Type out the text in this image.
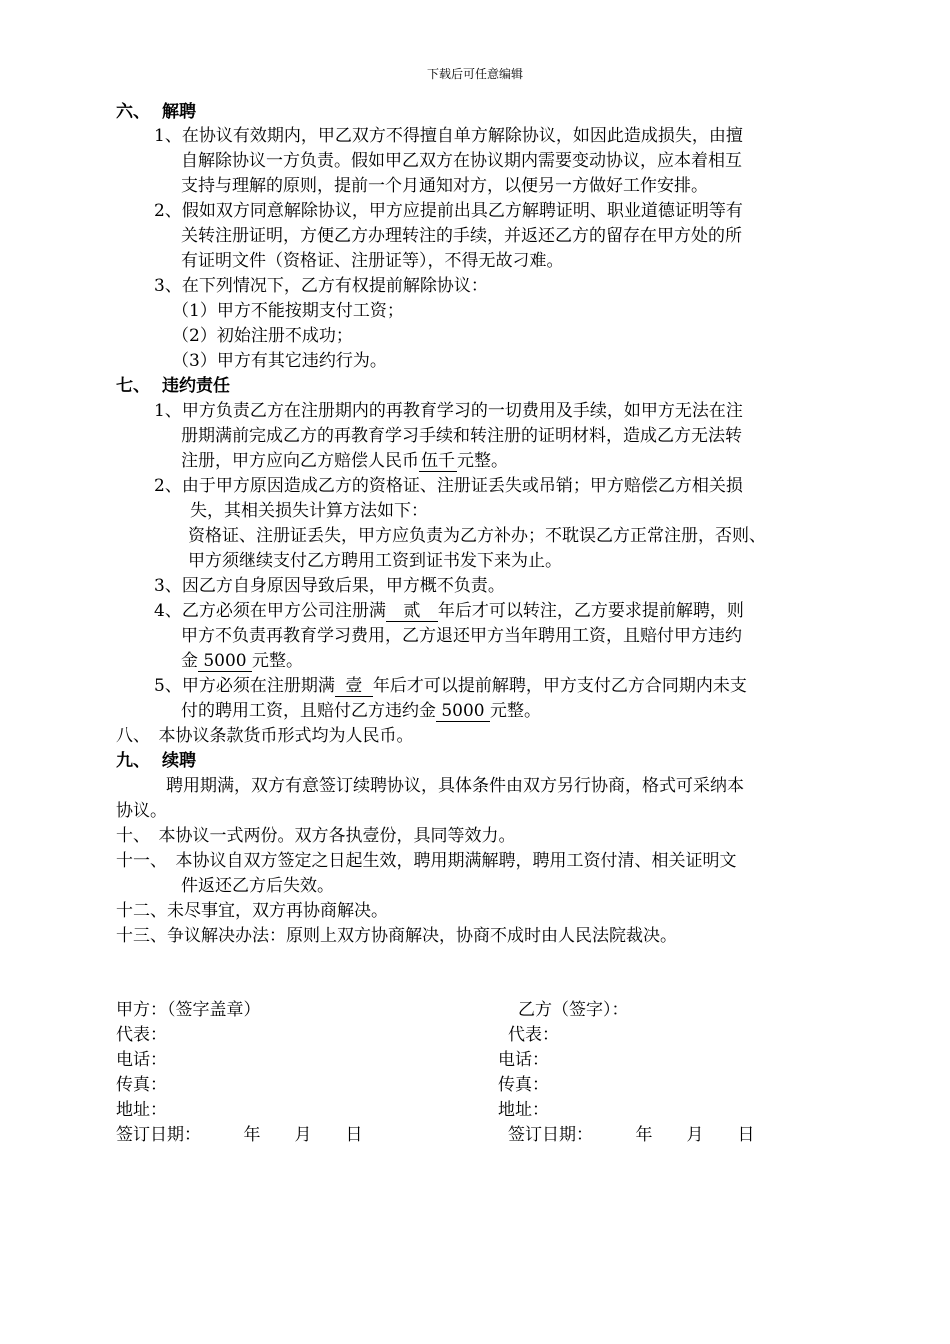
下载后可任意编辑
六、 解聘
1、在协议有效期内，甲乙双方不得擅自单方解除协议，如因此造成损失，由擅
自解除协议一方负责。假如甲乙双方在协议期内需要变动协议，应本着相互
支持与理解的原则，提前一个月通知对方，以便另一方做好工作安排。
2、假如双方同意解除协议，甲方应提前出具乙方解聘证明、职业道德证明等有
关转注册证明，方便乙方办理转注的手续，并返还乙方的留存在甲方处的所
有证明文件（资格证、注册证等），不得无故刁难。
3、在下列情况下，乙方有权提前解除协议：
（1）甲方不能按期支付工资；
（2）初始注册不成功；
（3）甲方有其它违约行为。
七、 违约责任
1、甲方负责乙方在注册期内的再教育学习的一切费用及手续，如甲方无法在注
册期满前完成乙方的再教育学习手续和转注册的证明材料，造成乙方无法转
注册，甲方应向乙方赔偿人民币 伍千 元整。
2、由于甲方原因造成乙方的资格证、注册证丢失或吊销；甲方赔偿乙方相关损
失，其相关损失计算方法如下：
资格证、注册证丢失，甲方应负责为乙方补办；不耽误乙方正常注册，否则、
甲方须继续支付乙方聘用工资到证书发下来为止。
3、因乙方自身原因导致后果，甲方概不负责。
4、乙方必须在甲方公司注册满 贰 年后才可以转注，乙方要求提前解聘，则
甲方不负责再教育学习费用，乙方退还甲方当年聘用工资，且赔付甲方违约
金 5000 元整。
5、甲方必须在注册期满 壹 年后才可以提前解聘，甲方支付乙方合同期内未支
付的聘用工资，且赔付乙方违约金 5000 元整。
八、　本协议条款货币形式均为人民币。
九、 续聘
聘用期满，双方有意签订续聘协议，具体条件由双方另行协商，格式可采纳本
协议。
十、　本协议一式两份。双方各执壹份，具同等效力。
十一、　本协议自双方签定之日起生效，聘用期满解聘，聘用工资付清、相关证明文
件返还乙方后失效。
十二、未尽事宜，双方再协商解决。
十三、争议解决办法：原则上双方协商解决，协商不成时由人民法院裁决。
甲方：（签字盖章）
代表：
电话：
传真：
地址：
签订日期：　　　年　　月　　日
乙方（签字）：
代表：
电话：
传真：
地址：
签订日期：　　　年　　月　　日
